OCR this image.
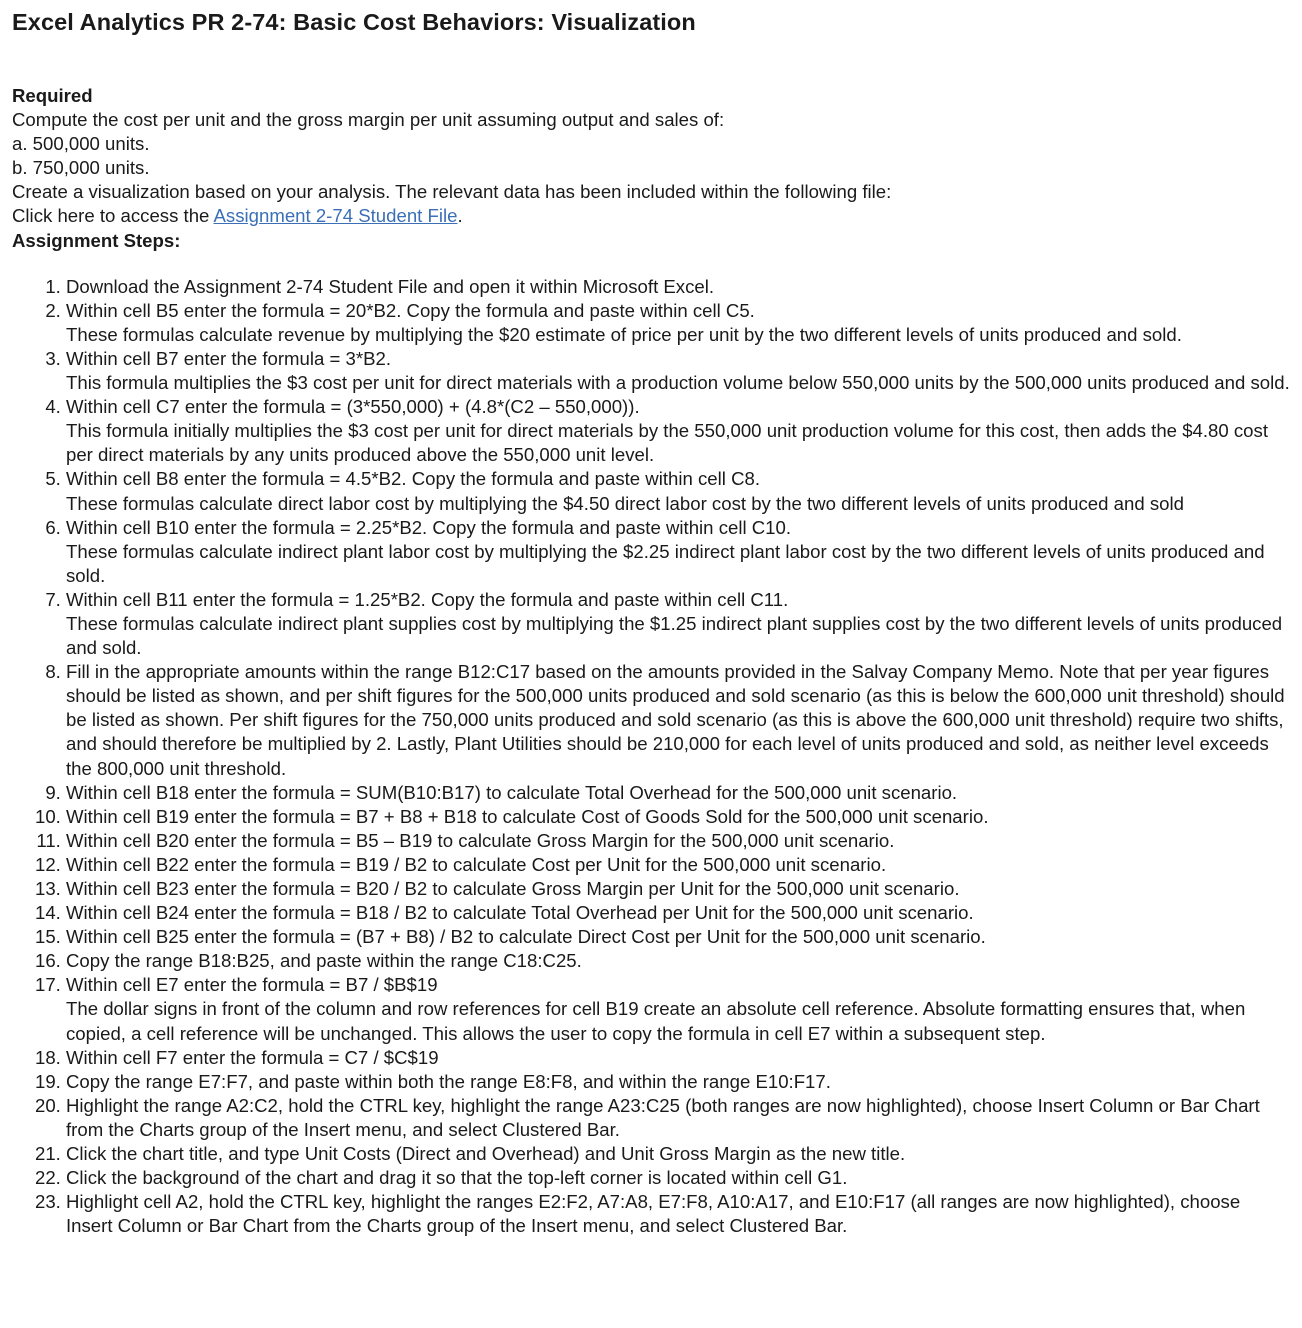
Excel Analytics PR 2-74: Basic Cost Behaviors: Visualization
Required
Compute the cost per unit and the gross margin per unit assuming output and sales of:
a. 500,000 units.
b. 750,000 units.
Create a visualization based on your analysis. The relevant data has been included within the following file:
Click here to access the Assignment 2-74 Student File.
Assignment Steps:
1. Download the Assignment 2-74 Student File and open it within Microsoft Excel.
2. Within cell B5 enter the formula = 20*B2. Copy the formula and paste within cell C5.
These formulas calculate revenue by multiplying the $20 estimate of price per unit by the two different levels of units produced and sold.
3. Within cell B7 enter the formula = 3*B2.
This formula multiplies the $3 cost per unit for direct materials with a production volume below 550,000 units by the 500,000 units produced and sold.
4. Within cell C7 enter the formula = (3*550,000) + (4.8*(C2 – 550,000)).
This formula initially multiplies the $3 cost per unit for direct materials by the 550,000 unit production volume for this cost, then adds the $4.80 cost per direct materials by any units produced above the 550,000 unit level.
5. Within cell B8 enter the formula = 4.5*B2. Copy the formula and paste within cell C8.
These formulas calculate direct labor cost by multiplying the $4.50 direct labor cost by the two different levels of units produced and sold
6. Within cell B10 enter the formula = 2.25*B2. Copy the formula and paste within cell C10.
These formulas calculate indirect plant labor cost by multiplying the $2.25 indirect plant labor cost by the two different levels of units produced and sold.
7. Within cell B11 enter the formula = 1.25*B2. Copy the formula and paste within cell C11.
These formulas calculate indirect plant supplies cost by multiplying the $1.25 indirect plant supplies cost by the two different levels of units produced and sold.
8. Fill in the appropriate amounts within the range B12:C17 based on the amounts provided in the Salvay Company Memo. Note that per year figures should be listed as shown, and per shift figures for the 500,000 units produced and sold scenario (as this is below the 600,000 unit threshold) should be listed as shown. Per shift figures for the 750,000 units produced and sold scenario (as this is above the 600,000 unit threshold) require two shifts, and should therefore be multiplied by 2. Lastly, Plant Utilities should be 210,000 for each level of units produced and sold, as neither level exceeds the 800,000 unit threshold.
9. Within cell B18 enter the formula = SUM(B10:B17) to calculate Total Overhead for the 500,000 unit scenario.
10. Within cell B19 enter the formula = B7 + B8 + B18 to calculate Cost of Goods Sold for the 500,000 unit scenario.
11. Within cell B20 enter the formula = B5 – B19 to calculate Gross Margin for the 500,000 unit scenario.
12. Within cell B22 enter the formula = B19 / B2 to calculate Cost per Unit for the 500,000 unit scenario.
13. Within cell B23 enter the formula = B20 / B2 to calculate Gross Margin per Unit for the 500,000 unit scenario.
14. Within cell B24 enter the formula = B18 / B2 to calculate Total Overhead per Unit for the 500,000 unit scenario.
15. Within cell B25 enter the formula = (B7 + B8) / B2 to calculate Direct Cost per Unit for the 500,000 unit scenario.
16. Copy the range B18:B25, and paste within the range C18:C25.
17. Within cell E7 enter the formula = B7 / $B$19
The dollar signs in front of the column and row references for cell B19 create an absolute cell reference. Absolute formatting ensures that, when copied, a cell reference will be unchanged. This allows the user to copy the formula in cell E7 within a subsequent step.
18. Within cell F7 enter the formula = C7 / $C$19
19. Copy the range E7:F7, and paste within both the range E8:F8, and within the range E10:F17.
20. Highlight the range A2:C2, hold the CTRL key, highlight the range A23:C25 (both ranges are now highlighted), choose Insert Column or Bar Chart from the Charts group of the Insert menu, and select Clustered Bar.
21. Click the chart title, and type Unit Costs (Direct and Overhead) and Unit Gross Margin as the new title.
22. Click the background of the chart and drag it so that the top-left corner is located within cell G1.
23. Highlight cell A2, hold the CTRL key, highlight the ranges E2:F2, A7:A8, E7:F8, A10:A17, and E10:F17 (all ranges are now highlighted), choose Insert Column or Bar Chart from the Charts group of the Insert menu, and select Clustered Bar.
